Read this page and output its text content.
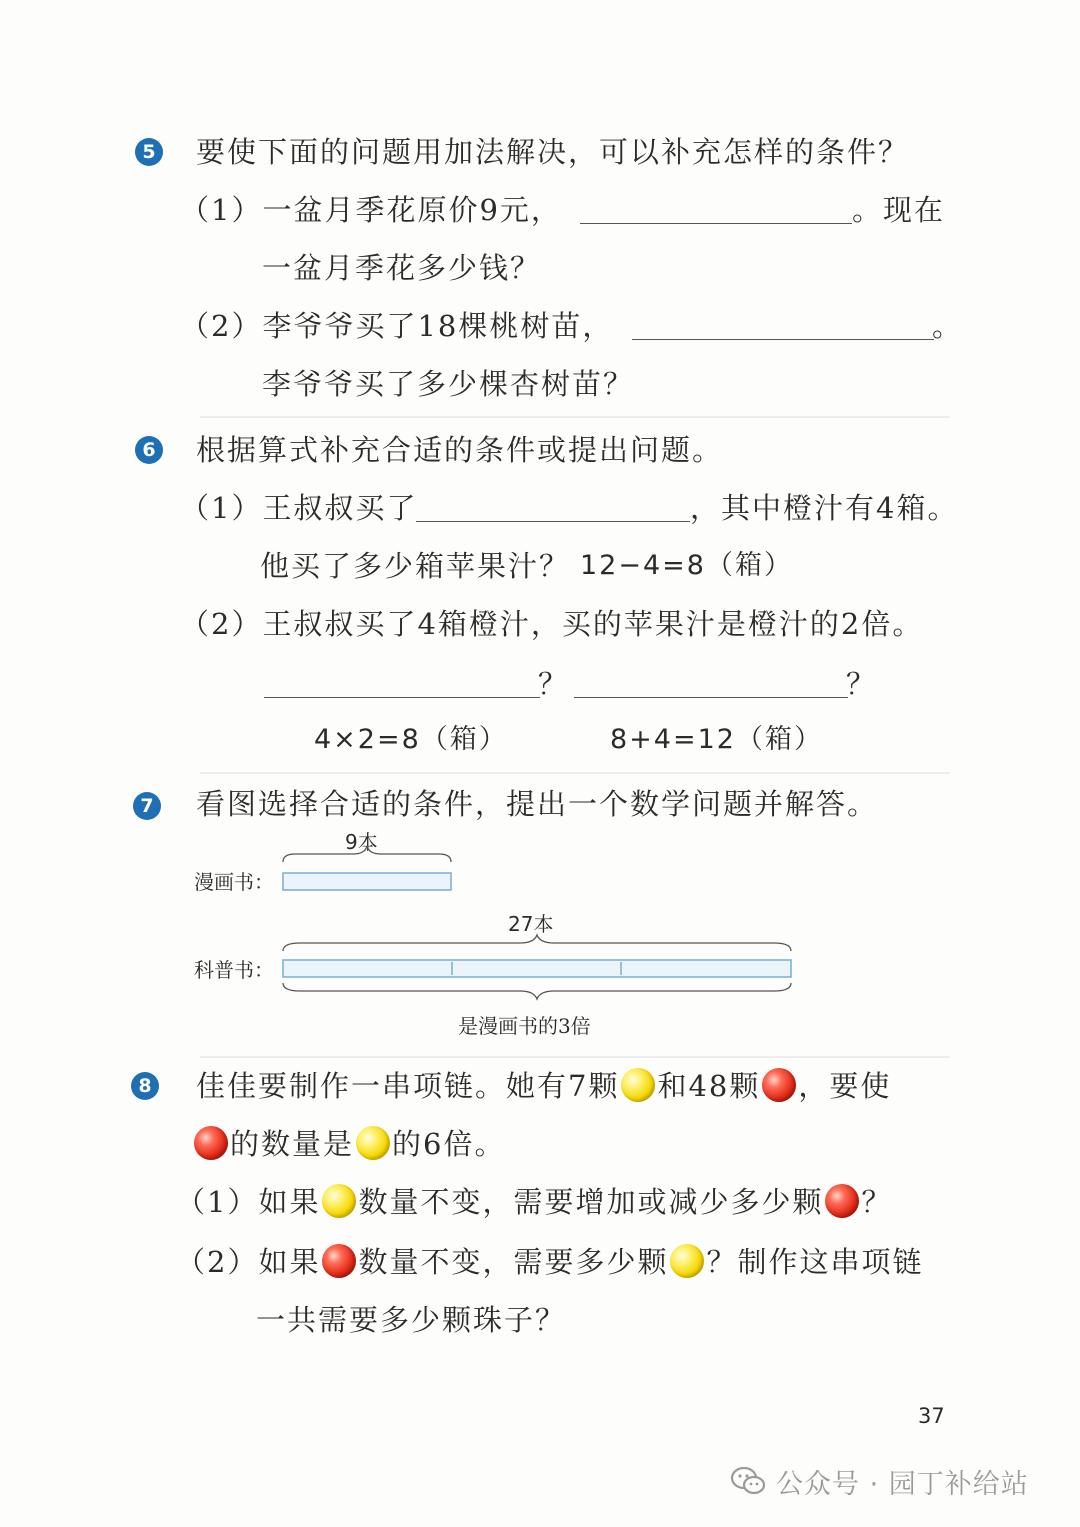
5 要使下面的问题用加法解决，可以补充怎样的条件？
（1）一盆月季花原价9元，	。现在
一盆月季花多少钱？
（2）李爷爷买了18棵桃树苗，	。
李爷爷买了多少棵杏树苗？
6 根据算式补充合适的条件或提出问题。
（1）王叔叔买了	，其中橙汁有4箱。
他买了多少箱苹果汁？ 12−4=8（箱）
（2）王叔叔买了4箱橙汁，买的苹果汁是橙汁的2倍。
？	？
4×2=8（箱）	8+4=12（箱）
7 看图选择合适的条件，提出一个数学问题并解答。
9本
漫画书：
27本
科普书：
是漫画书的3倍
8 佳佳要制作一串项链。她有7颗 和48颗 ，要使
的数量是 的6倍。
（1）如果 数量不变，需要增加或减少多少颗 ？
（2）如果 数量不变，需要多少颗 ？制作这串项链
一共需要多少颗珠子？
37
公众号 · 园丁补给站
